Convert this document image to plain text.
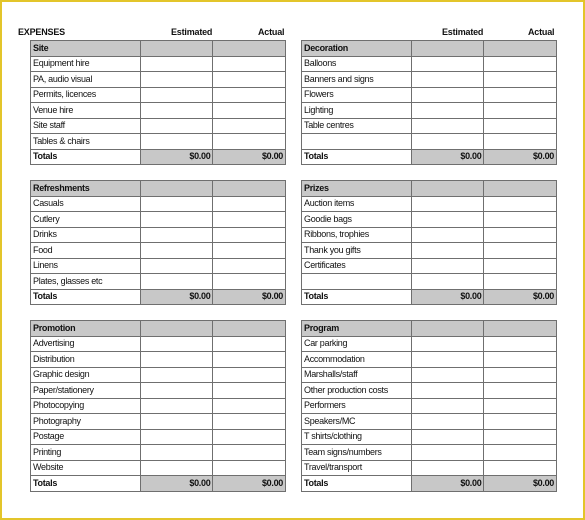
EXPENSES	Estimated	Actual	Estimated	Actual
Site		
Equipment hire		
PA, audio visual		
Permits, licences		
Venue hire		
Site staff		
Tables & chairs		
Totals	$0.00	$0.00
Decoration		
Balloons		
Banners and signs		
Flowers		
Lighting		
Table centres		

Totals	$0.00	$0.00
Refreshments		
Casuals		
Cutlery		
Drinks		
Food		
Linens		
Plates, glasses etc		
Totals	$0.00	$0.00
Prizes		
Auction items		
Goodie bags		
Ribbons, trophies		
Thank you gifts		
Certificates		

Totals	$0.00	$0.00
Promotion		
Advertising		
Distribution		
Graphic design		
Paper/stationery		
Photocopying		
Photography		
Postage		
Printing		
Website		
Totals	$0.00	$0.00
Program		
Car parking		
Accommodation		
Marshalls/staff		
Other production costs		
Performers		
Speakers/MC		
T shirts/clothing		
Team signs/numbers		
Travel/transport		
Totals	$0.00	$0.00
